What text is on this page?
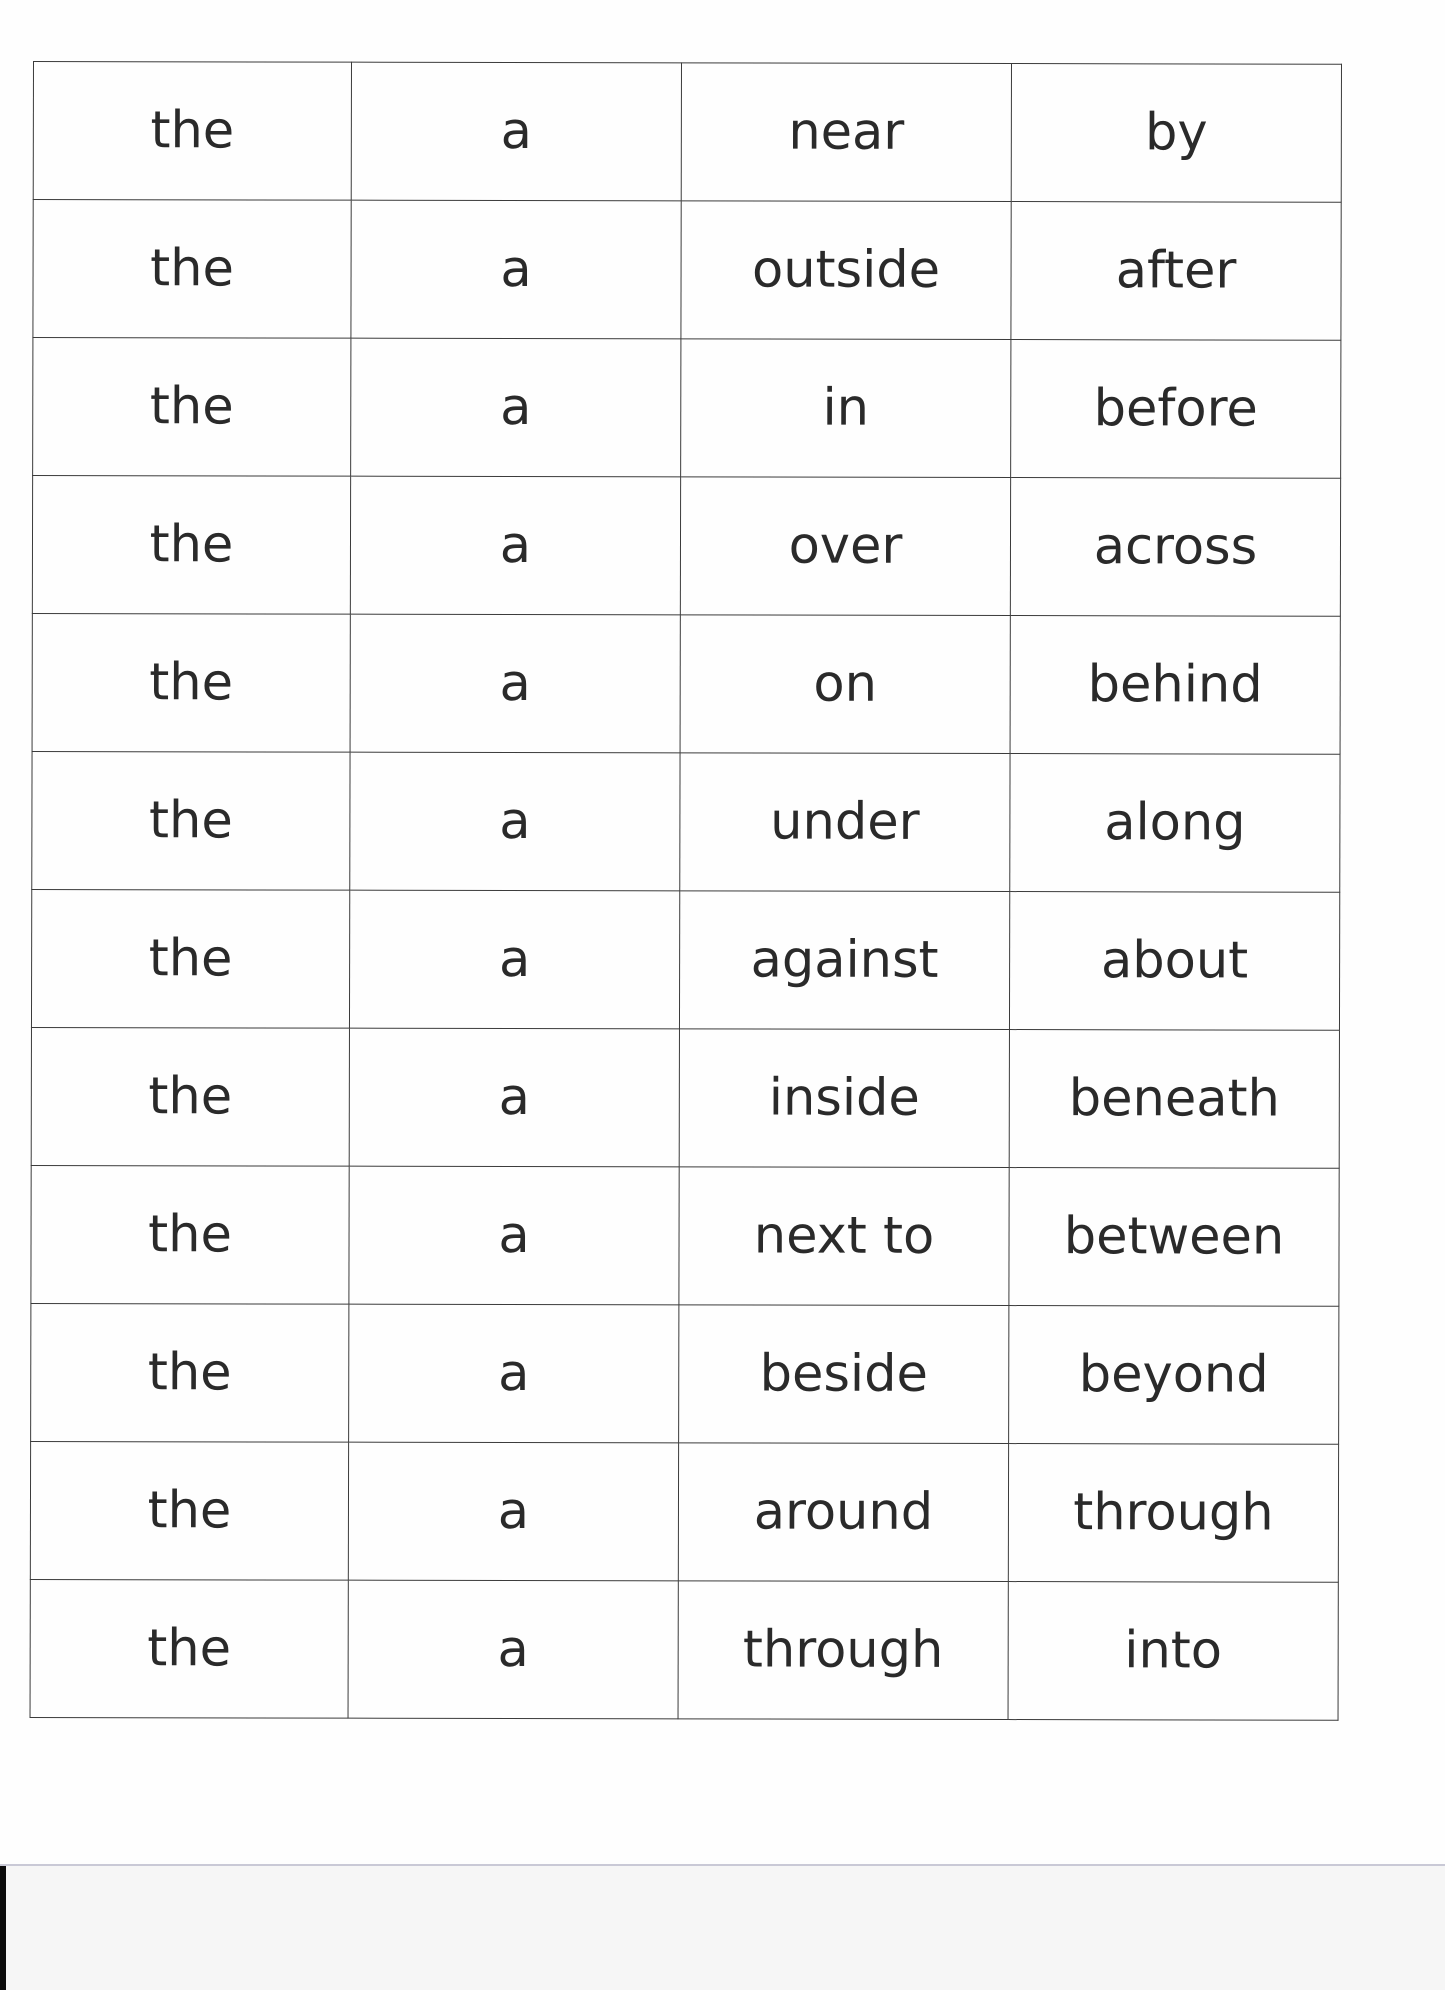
the	a	near	by
the	a	outside	after
the	a	in	before
the	a	over	across
the	a	on	behind
the	a	under	along
the	a	against	about
the	a	inside	beneath
the	a	next to	between
the	a	beside	beyond
the	a	around	through
the	a	through	into
